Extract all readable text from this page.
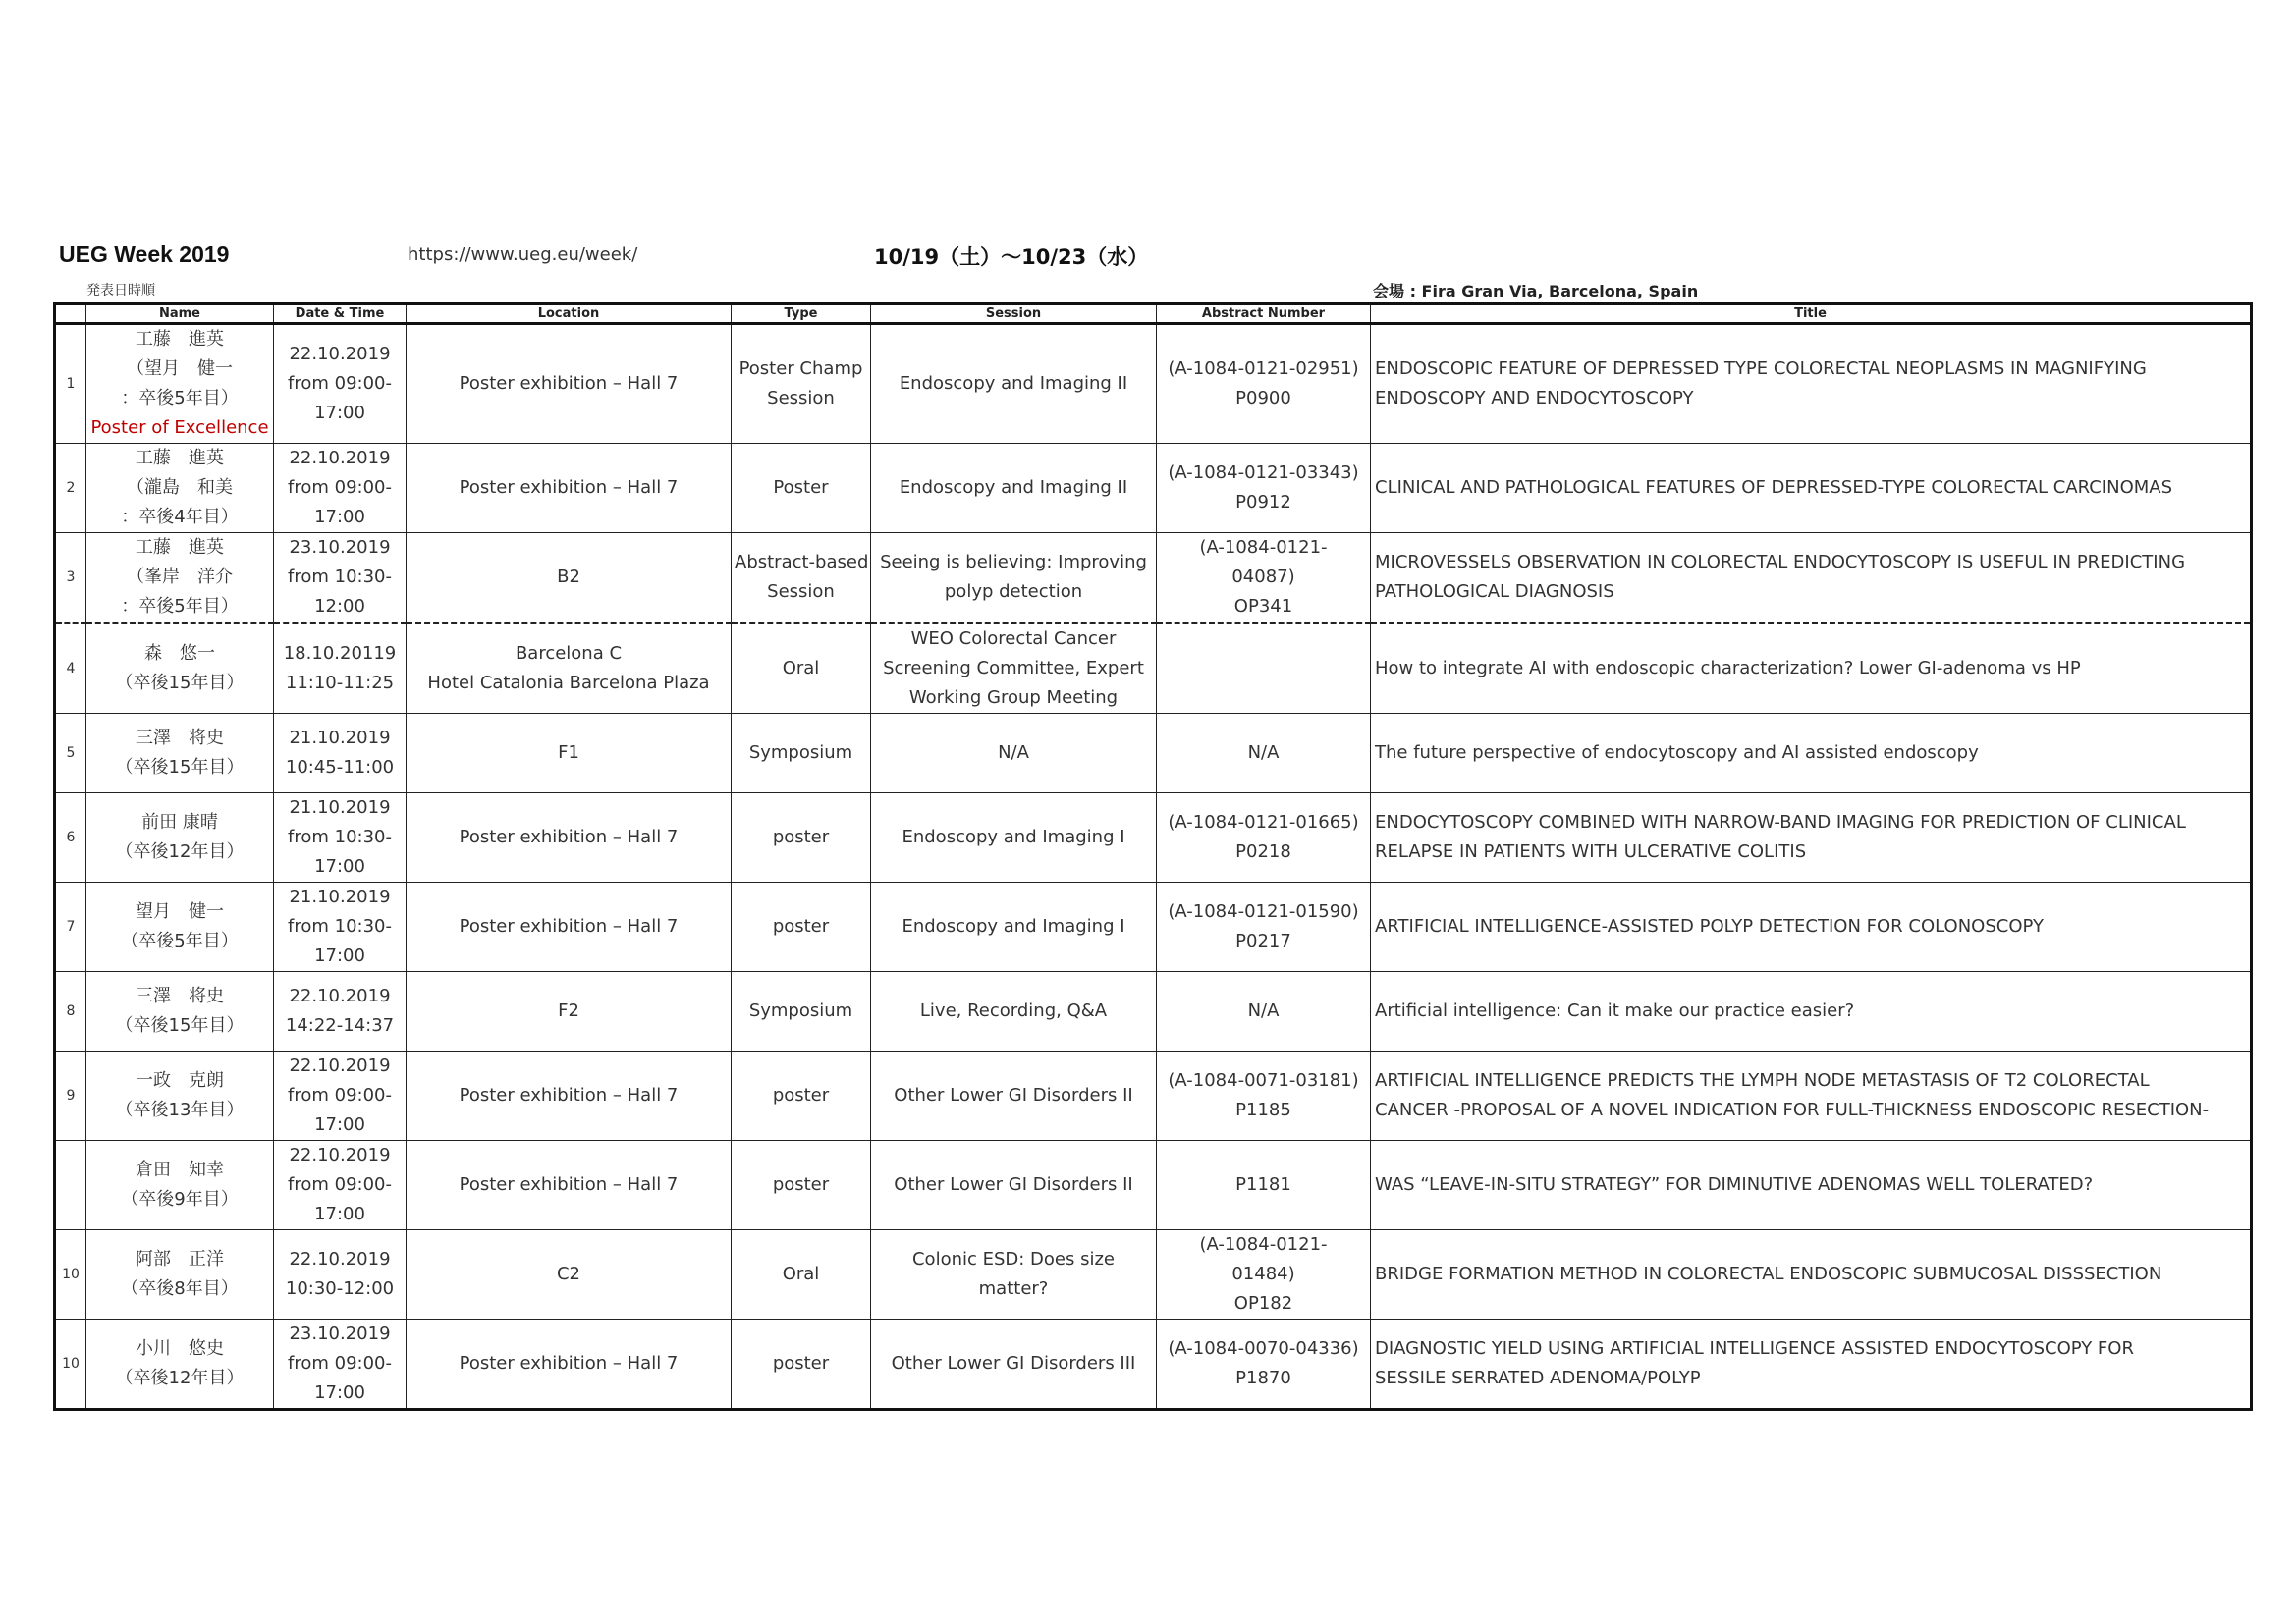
UEG Week 2019	https://www.ueg.eu/week/	10/19（土）～10/23（水）
発表日時順	会場 : Fira Gran Via, Barcelona, Spain
	Name	Date & Time	Location	Type	Session	Abstract Number	Title
1	工藤　進英
（望月　健一
：卒後5年目）
Poster of Excellence	22.10.2019
from 09:00-
17:00	Poster exhibition – Hall 7	Poster Champ
Session	Endoscopy and Imaging II	(A-1084-0121-02951)
P0900	ENDOSCOPIC FEATURE OF DEPRESSED TYPE COLORECTAL NEOPLASMS IN MAGNIFYING
ENDOSCOPY AND ENDOCYTOSCOPY

2	工藤　進英
（瀧島　和美
：卒後4年目）	22.10.2019
from 09:00-
17:00	Poster exhibition – Hall 7	Poster	Endoscopy and Imaging II	(A-1084-0121-03343)
P0912	CLINICAL AND PATHOLOGICAL FEATURES OF DEPRESSED-TYPE COLORECTAL CARCINOMAS

3	工藤　進英
（峯岸　洋介
：卒後5年目）	23.10.2019
from 10:30-
12:00	B2	Abstract-based
Session	Seeing is believing: Improving
polyp detection	(A-1084-0121-
04087)
OP341	MICROVESSELS OBSERVATION IN COLORECTAL ENDOCYTOSCOPY IS USEFUL IN PREDICTING
PATHOLOGICAL DIAGNOSIS

4	森　悠一
（卒後15年目）	18.10.20119
11:10-11:25	Barcelona C
Hotel Catalonia Barcelona Plaza	Oral	WEO Colorectal Cancer
Screening Committee, Expert
Working Group Meeting		How to integrate AI with endoscopic characterization? Lower GI-adenoma vs HP

5	三澤　将史
（卒後15年目）	21.10.2019
10:45-11:00	F1	Symposium	N/A	N/A	The future perspective of endocytoscopy and AI assisted endoscopy

6	前田 康晴
（卒後12年目）	21.10.2019
from 10:30-
17:00	Poster exhibition – Hall 7	poster	Endoscopy and Imaging I	(A-1084-0121-01665)
P0218	ENDOCYTOSCOPY COMBINED WITH NARROW-BAND IMAGING FOR PREDICTION OF CLINICAL
RELAPSE IN PATIENTS WITH ULCERATIVE COLITIS

7	望月　健一
（卒後5年目）	21.10.2019
from 10:30-
17:00	Poster exhibition – Hall 7	poster	Endoscopy and Imaging I	(A-1084-0121-01590)
P0217	ARTIFICIAL INTELLIGENCE-ASSISTED POLYP DETECTION FOR COLONOSCOPY

8	三澤　将史
（卒後15年目）	22.10.2019
14:22-14:37	F2	Symposium	Live, Recording, Q&A	N/A	Artificial intelligence: Can it make our practice easier?

9	一政　克朗
（卒後13年目）	22.10.2019
from 09:00-
17:00	Poster exhibition – Hall 7	poster	Other Lower GI Disorders II	(A-1084-0071-03181)
P1185	ARTIFICIAL INTELLIGENCE PREDICTS THE LYMPH NODE METASTASIS OF T2 COLORECTAL
CANCER -PROPOSAL OF A NOVEL INDICATION FOR FULL-THICKNESS ENDOSCOPIC RESECTION-

	倉田　知幸
（卒後9年目）	22.10.2019
from 09:00-
17:00	Poster exhibition – Hall 7	poster	Other Lower GI Disorders II	P1181	WAS “LEAVE-IN-SITU STRATEGY” FOR DIMINUTIVE ADENOMAS WELL TOLERATED?

10	阿部　正洋
（卒後8年目）	22.10.2019
10:30-12:00	C2	Oral	Colonic ESD: Does size
matter?	(A-1084-0121-
01484)
OP182	BRIDGE FORMATION METHOD IN COLORECTAL ENDOSCOPIC SUBMUCOSAL DISSSECTION

10	小川　悠史
（卒後12年目）	23.10.2019
from 09:00-
17:00	Poster exhibition – Hall 7	poster	Other Lower GI Disorders III	(A-1084-0070-04336)
P1870	DIAGNOSTIC YIELD USING ARTIFICIAL INTELLIGENCE ASSISTED ENDOCYTOSCOPY FOR
SESSILE SERRATED ADENOMA/POLYP
